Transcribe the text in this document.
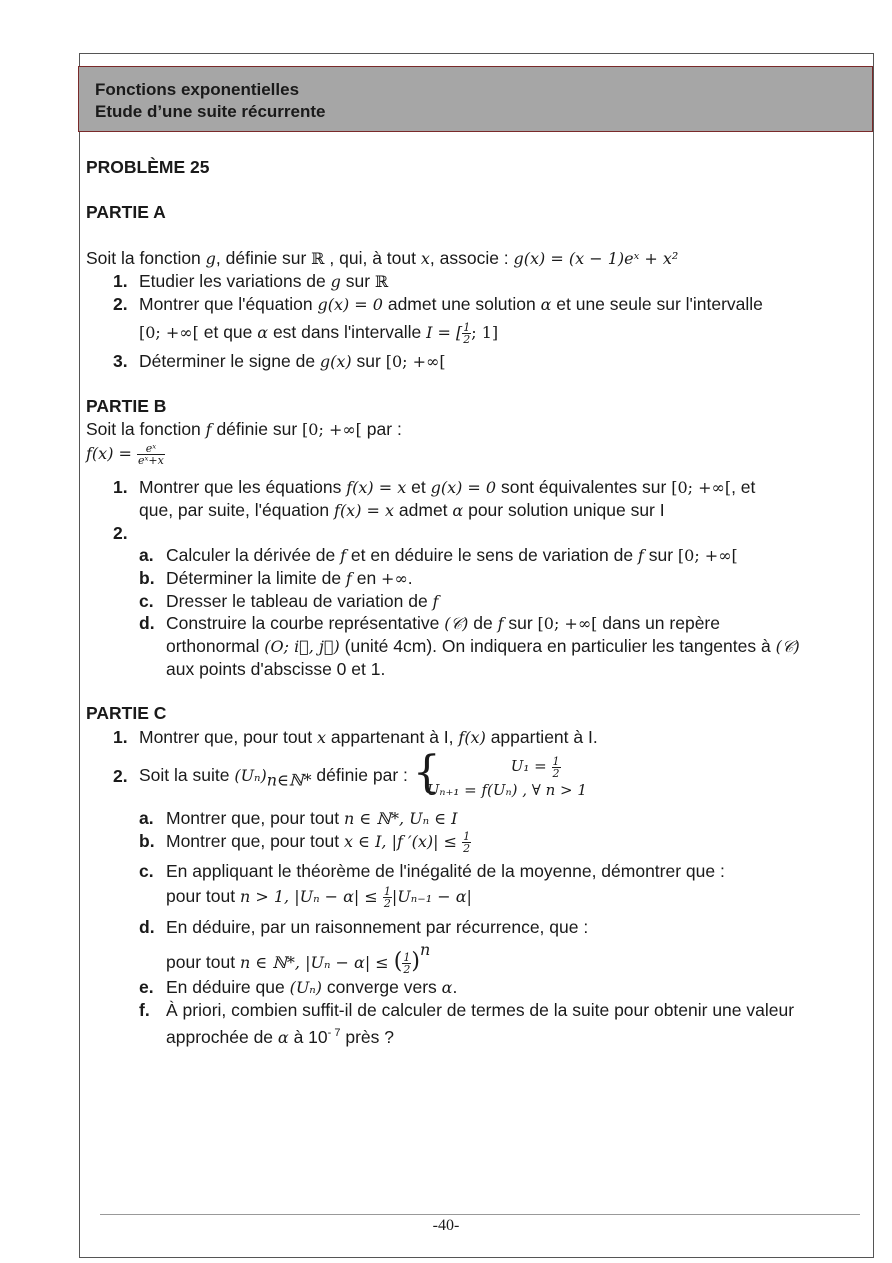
Fonctions exponentielles
Etude d’une suite récurrente
PROBLÈME 25
PARTIE A
Soit la fonction g, définie sur ℝ , qui, à tout x, associe : g(x) = (x − 1)eˣ + x²
1. Etudier les variations de g sur ℝ
2. Montrer que l'équation g(x) = 0 admet une solution α et une seule sur l'intervalle
[0; +∞[ et que α est dans l'intervalle I = [ $\frac{1}{2}$ ; 1]
3. Déterminer le signe de g(x) sur [0; +∞[
PARTIE B
Soit la fonction f définie sur [0; +∞[ par :
$f(x) = \frac{\text{eˣ}}{\text{eˣ+x}}$
1. Montrer que les équations f(x) = x et g(x) = 0 sont équivalentes sur [0; +∞[, et
que, par suite, l'équation f(x) = x admet α pour solution unique sur I
2.
a. Calculer la dérivée de f et en déduire le sens de variation de f sur [0; +∞[
b. Déterminer la limite de f en +∞.
c. Dresser le tableau de variation de f
d. Construire la courbe représentative (𝒞) de f sur [0; +∞[ dans un repère
orthonormal (O; i⃗, j⃗) (unité 4cm). On indiquera en particulier les tangentes à (𝒞)
aux points d'abscisse 0 et 1.
PARTIE C
1. Montrer que, pour tout x appartenant à I, f(x) appartient à I.
2. Soit la suite $(U_n)_{n\in ℕ*}$ définie par : {	$U_1 = \frac{1}{2}$
Uₙ₊₁ = f(Uₙ) , ∀ n > 1
a. Montrer que, pour tout n ∈ ℕ*, Uₙ ∈ I
b. Montrer que, pour tout x ∈ I, |f $'(x)| \le \frac{1}{2}$
c. En appliquant le théorème de l'inégalité de la moyenne, démontrer que :
pour tout n > 1, $|U_n - \alpha| \le \frac{1}{2} |U_{n-1} - \alpha|$
d. En déduire, par un raisonnement par récurrence, que :
pour tout n ∈ ℕ*, |Uₙ − α| ≤ ( $\frac{1}{2} )^n$
e. En déduire que (Uₙ) converge vers α.
f. À priori, combien suffit-il de calculer de termes de la suite pour obtenir une valeur
approchée de α à $10^{- 7}$ près ?
-40-
